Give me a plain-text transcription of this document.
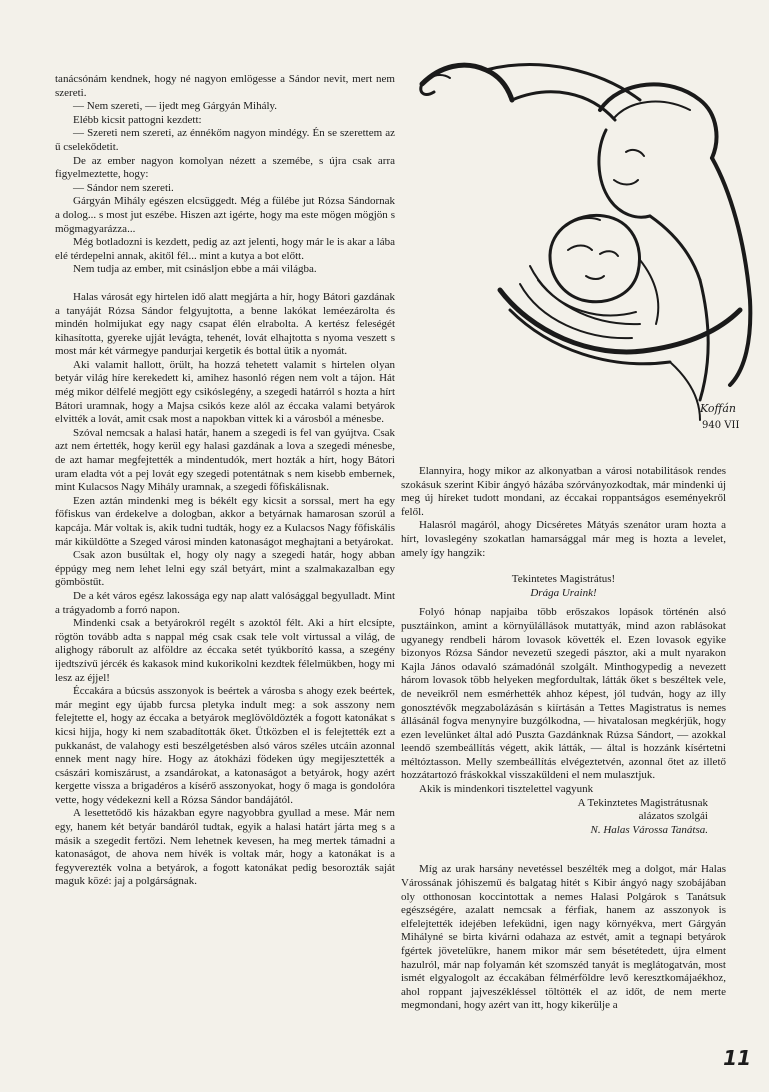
tanácsónám kendnek, hogy né nagyon emlögesse a Sándor nevit, mert nem szereti.

— Nem szereti, — ijedt meg Gárgyán Mihály.

Elébb kicsit pattogni kezdett:

— Szereti nem szereti, az énnékőm nagyon mindégy. Én se szerettem az ű cselekődetit.

De az ember nagyon komolyan nézett a szemébe, s újra csak arra figyelmeztette, hogy:

— Sándor nem szereti.

Gárgyán Mihály egészen elcsüggedt. Még a fülébe jut Rózsa Sándornak a dolog... s most jut eszébe. Hiszen azt igérte, hogy ma este mögen mögjön s mögmagyarázza...

Még botladozni is kezdett, pedig az azt jelenti, hogy már le is akar a lába elé térdepelni annak, akitől fél... mint a kutya a bot előtt.

Nem tudja az ember, mit csinásljon ebbe a mái világba.

Halas városát egy hirtelen idő alatt megjárta a hír, hogy Bátori gazdának a tanyáját Rózsa Sándor felgyujtotta, a benne lakókat leméezárolta és mindén holmijukat egy nagy csapat élén elrabolta. A kertész feleségét kihasította, gyereke ujját levágta, tehenét, lovát elhajtotta s nyoma veszett s most már két vármegye pandurjai kergetik és bottal ütik a nyomát.

Aki valamit hallott, örült, ha hozzá tehetett valamit s hirtelen olyan betyár világ híre kerekedett ki, amihez hasonló régen nem volt a tájon. Hát még mikor délfelé megjött egy csikóslegény, a szegedi határról s hozta a hírt Bátori uramnak, hogy a Majsa csikós keze alól az éccaka valami betyárok elvitték a lovát, amit csak most a napokban vittek ki a városból a ménesbe.

Szóval nemcsak a halasi határ, hanem a szegedi is fel van gyújtva. Csak azt nem értették, hogy kerül egy halasi gazdának a lova a szegedi ménesbe, de azt hamar megfejtették a mindentudók, mert hozták a hírt, hogy Bátori uram eladta vót a pej lovát egy szegedi potentátnak s nem kisebb embernek, mint Kulacsos Nagy Mihály uramnak, a szegedi főfiskálisnak.

Ezen aztán mindenki meg is békélt egy kicsit a sorssal, mert ha egy főfiskus van érdekelve a dologban, akkor a betyárnak hamarosan szorúl a kapcája. Már voltak is, akik tudni tudták, hogy ez a Kulacsos Nagy főfiskális már kiküldötte a Szeged városi minden katonaságot meghajtani a betyárokat.

Csak azon busúltak el, hogy oly nagy a szegedi határ, hogy abban éppúgy meg nem lehet lelni egy szál betyárt, mint a szalmakazalban egy gömböstűt.

De a két város egész lakossága egy nap alatt valósággal begyulladt. Mint a trágyadomb a forró napon.

Mindenki csak a betyárokról regélt s azoktól félt. Aki a hírt elcsípte, rögtön tovább adta s nappal még csak csak tele volt virtussal a világ, de alighogy ráborult az alföldre az éccaka setét tyúkborító kassa, a szegény ijedtszívű jércék és kakasok mind kukorikolni kezdtek félelmükben, hogy mi lesz az éjjel!

Éccakára a búcsús asszonyok is beértek a városba s ahogy ezek beértek, már megint egy újabb furcsa pletyka indult meg: a sok asszony nem felejtette el, hogy az éccaka a betyárok meglövöldözték a fogott katonákat s kicsi hijja, hogy ki nem szabadították őket. Ütközben el is felejtették ezt a pukkanást, de valahogy esti beszélgetésben alsó város széles utcáin azonnal ennek ment nagy híre. Hogy az átokházi födeken úgy megijesztették a császári komiszárust, a zsandárokat, a katonaságot a betyárok, hogy azért kergette vissza a brigadéros a kísérő asszonyokat, hogy ő maga is gondolóra vette, hogy védekezni kell a Rózsa Sándor bandájától.

A lesettetődő kis házakban egyre nagyobbra gyullad a mese. Már nem egy, hanem két betyár bandáról tudtak, egyik a halasi határt járta meg s a másik a szegedit fertőzi. Nem lehetnek kevesen, ha meg mertek támadni a katonaságot, de ahova nem hívék is voltak már, hogy a katonákat is a fegyverezték volna a betyárok, a fogott katonákat pedig besorozták saját maguk közé: jaj a polgárságnak.

Koffán
940 VII

Elannyira, hogy mikor az alkonyatban a városi notabilitások rendes szokásuk szerint Kibir ángyó házába szórványozkodtak, már mindenki új meg új híreket tudott mondani, az éccakai roppantságos eseményekről felől.

Halasról magáról, ahogy Dicséretes Mátyás szenátor uram hozta a hírt, lovaslegény szokatlan hamarsággal már meg is hozta a levelet, amely így hangzik:

Tekintetes Magistrátus!

Drága Uraink!

Folyó hónap napjaiba több erőszakos lopások történén alsó pusztáinkon, amint a környülállások mutattyák, mind azon rablásokat ugyanegy rendbeli három lovasok követték el. Ezen lovasok egyike bizonyos Rózsa Sándor nevezetű szegedi pásztor, aki a mult nyarakon Kajla János odavaló számadónál szolgált. Minthogypedig a nevezett három lovasok több helyeken megfordultak, látták őket s beszéltek vele, de neveikről nem esmérhették ahhoz képest, jól tudván, hogy az illy gonosztévők megzabolázásán s kiírtásán a Tettes Magistratus is nemes állásánál fogva menynyire buzgólkodna, — hivatalosan megkérjük, hogy ezen levelünket által adó Puszta Gazdánknak Rúzsa Sándort, — azokkal leendő szembeállítás végett, akik látták, — által is hozzánk kísértetni méltóztasson. Melly szembeállítás elvégeztetvén, azonnal őtet az illető hozzátartozó fráskokkal visszakűldeni el nem mulasztjuk.

Akik is mindenkori tisztelettel vagyunk

A Tekinztetes Magistrátusnak

alázatos szolgái

N. Halas Várossa Tanátsa.

Míg az urak harsány nevetéssel beszélték meg a dolgot, már Halas Várossának jóhiszemű és balgatag hitét s Kibir ángyó nagy szobájában oly otthonosan koccintottak a nemes Halasi Polgárok s Tanátsuk egészségére, azalatt nemcsak a férfiak, hanem az asszonyok is elfelejtették idejében lefeküdni, igen nagy környékva, mert Gárgyán Mihályné se birta kivárni odahaza az estvét, amit a tegnapi betyárok fgértek jövetelükre, hanem mikor már sem bésetétedett, újra elment hazulról, már nap folyamán két szomszéd tanyát is meglátogatván, most ismét elgyalogolt az éccakában félmérföldre levő keresztkomájaékhoz, ahol roppant jajveszékléssel töltötték el az időt, de nem merte megmondani, hogy azért van itt, hogy kikerülje a

11
